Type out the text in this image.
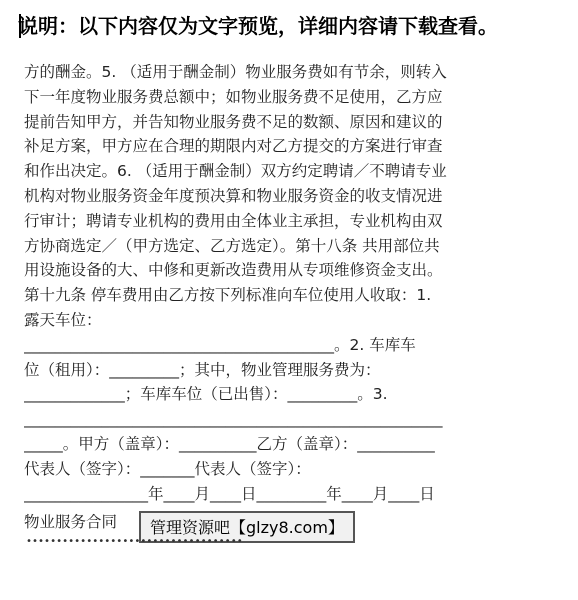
说明：以下内容仅为文字预览，详细内容请下载查看。
方的酬金。5. （适用于酬金制）物业服务费如有节余，则转入
下一年度物业服务费总额中；如物业服务费不足使用，乙方应
提前告知甲方，并告知物业服务费不足的数额、原因和建议的
补足方案，甲方应在合理的期限内对乙方提交的方案进行审查
和作出决定。6. （适用于酬金制）双方约定聘请／不聘请专业
机构对物业服务资金年度预决算和物业服务资金的收支情况进
行审计；聘请专业机构的费用由全体业主承担，专业机构由双
方协商选定／（甲方选定、乙方选定）。第十八条 共用部位共
用设施设备的大、中修和更新改造费用从专项维修资金支出。
第十九条 停车费用由乙方按下列标准向车位使用人收取：1.
露天车位：
________________________________________。2. 车库车
位（租用）：_________；其中，物业管理服务费为：
_____________；车库车位（已出售）：_________。3.
______________________________________________________
_____。甲方（盖章）：__________乙方（盖章）：__________
代表人（签字）：_______代表人（签字）：
________________年____月____日_________年____月____日
物业服务合同	管理资源吧【glzy8.com】
••••••••••••••••••••••••••••••••••••
